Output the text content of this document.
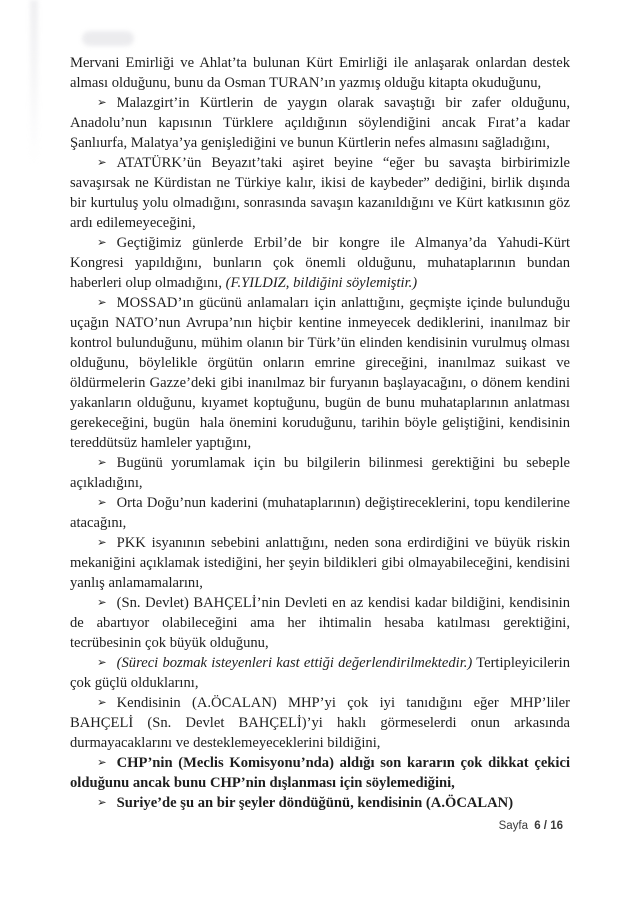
Mervani Emirliği ve Ahlat’ta bulunan Kürt Emirliği ile anlaşarak onlardan destek alması olduğunu, bunu da Osman TURAN’ın yazmış olduğu kitapta okuduğunu,

➢ Malazgirt’in Kürtlerin de yaygın olarak savaştığı bir zafer olduğunu, Anadolu’nun kapısının Türklere açıldığının söylendiğini ancak Fırat’a kadar Şanlıurfa, Malatya’ya genişlediğini ve bunun Kürtlerin nefes almasını sağladığını,

➢ ATATÜRK’ün Beyazıt’taki aşiret beyine “eğer bu savaşta birbirimizle savaşırsak ne Kürdistan ne Türkiye kalır, ikisi de kaybeder” dediğini, birlik dışında bir kurtuluş yolu olmadığını, sonrasında savaşın kazanıldığını ve Kürt katkısının göz ardı edilemeyeceğini,

➢ Geçtiğimiz günlerde Erbil’de bir kongre ile Almanya’da Yahudi-Kürt Kongresi yapıldığını, bunların çok önemli olduğunu, muhataplarının bundan haberleri olup olmadığını, (F.YILDIZ, bildiğini söylemiştir.)

➢ MOSSAD’ın gücünü anlamaları için anlattığını, geçmişte içinde bulunduğu uçağın NATO’nun Avrupa’nın hiçbir kentine inmeyecek dediklerini, inanılmaz bir kontrol bulunduğunu, mühim olanın bir Türk’ün elinden kendisinin vurulmuş olması olduğunu, böylelikle örgütün onların emrine gireceğini, inanılmaz suikast ve öldürmelerin Gazze’deki gibi inanılmaz bir furyanın başlayacağını, o dönem kendini yakanların olduğunu, kıyamet koptuğunu, bugün de bunu muhataplarının anlatması gerekeceğini, bugün  hala önemini koruduğunu, tarihin böyle geliştiğini, kendisinin tereddütsüz hamleler yaptığını,

➢ Bugünü yorumlamak için bu bilgilerin bilinmesi gerektiğini bu sebeple açıkladığını,

➢ Orta Doğu’nun kaderini (muhataplarının) değiştireceklerini, topu kendilerine atacağını,

➢ PKK isyanının sebebini anlattığını, neden sona erdirdiğini ve büyük riskin mekaniğini açıklamak istediğini, her şeyin bildikleri gibi olmayabileceğini, kendisini yanlış anlamamalarını,

➢ (Sn. Devlet) BAHÇELİ’nin Devleti en az kendisi kadar bildiğini, kendisinin de abartıyor olabileceğini ama her ihtimalin hesaba katılması gerektiğini, tecrübesinin çok büyük olduğunu,

➢ (Süreci bozmak isteyenleri kast ettiği değerlendirilmektedir.) Tertipleyicilerin çok güçlü olduklarını,

➢ Kendisinin (A.ÖCALAN) MHP’yi çok iyi tanıdığını eğer MHP’liler BAHÇELİ (Sn. Devlet BAHÇELİ)’yi haklı görmeselerdi onun arkasında durmayacaklarını ve desteklemeyeceklerini bildiğini,

➢ CHP’nin (Meclis Komisyonu’nda) aldığı son kararın çok dikkat çekici olduğunu ancak bunu CHP’nin dışlanması için söylemediğini,

➢ Suriye’de şu an bir şeyler döndüğünü, kendisinin (A.ÖCALAN)

Sayfa 6 / 16
